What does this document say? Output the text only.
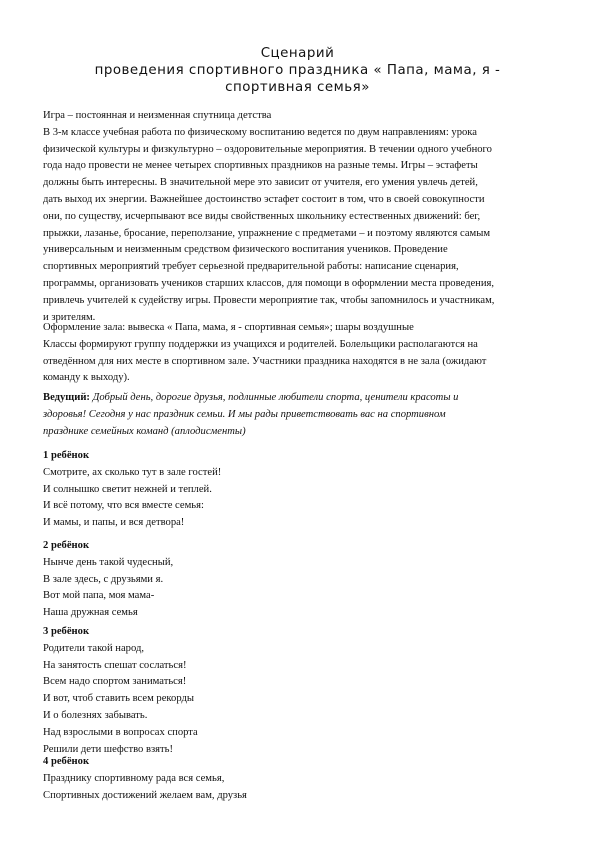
Сценарий
проведения спортивного праздника « Папа, мама, я -
спортивная семья»
Игра – постоянная и неизменная спутница детства
В 3-м классе учебная работа по физическому воспитанию ведется по двум направлениям: урока
физической культуры и физкультурно – оздоровительные мероприятия. В течении одного учебного
года надо провести не менее четырех спортивных праздников на разные темы. Игры – эстафеты
должны быть интересны. В значительной мере это зависит от учителя, его умения увлечь детей,
дать выход их энергии. Важнейшее достоинство эстафет состоит в том, что в своей совокупности
они, по существу, исчерпывают все виды свойственных школьнику естественных движений: бег,
прыжки, лазанье, бросание, переползание, упражнение с предметами – и поэтому являются самым
универсальным и неизменным средством физического воспитания учеников. Проведение
спортивных мероприятий требует серьезной предварительной работы: написание сценария,
программы, организовать учеников старших классов, для помощи в оформлении места проведения,
привлечь учителей к судейству игры. Провести мероприятие так, чтобы запомнилось и участникам,
и зрителям.
Оформление зала: вывеска « Папа, мама, я - спортивная семья»; шары воздушные
Классы формируют группу поддержки из учащихся и родителей. Болельщики располагаются на
отведённом для них месте в спортивном зале. Участники праздника находятся в не зала (ожидают
команду к выходу).
Ведущий: Добрый день, дорогие друзья, подлинные любители спорта, ценители красоты и
здоровья! Сегодня у нас праздник семьи. И мы рады приветствовать вас на спортивном
празднике семейных команд (аплодисменты)
1 ребёнок
Смотрите, ах сколько тут в зале гостей!
И солнышко светит нежней и теплей.
И всё потому, что вся вместе семья:
И мамы, и папы, и вся детвора!
2 ребёнок
Нынче день такой чудесный,
В зале здесь, с друзьями я.
Вот мой папа, моя мама-
Наша дружная семья
3 ребёнок
Родители такой народ,
На занятость спешат сослаться!
Всем надо спортом заниматься!
И вот, чтоб ставить всем рекорды
И о болезнях забывать.
Над взрослыми в вопросах спорта
Решили дети шефство взять!
4 ребёнок
Празднику спортивному рада вся семья,
Спортивных достижений желаем вам, друзья
